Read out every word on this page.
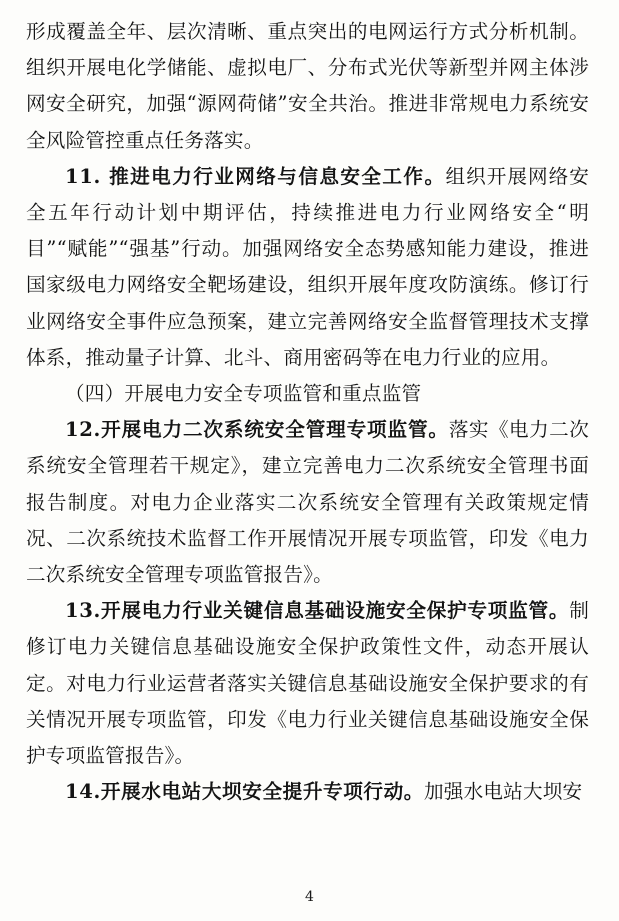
形成覆盖全年、层次清晰、重点突出的电网运行方式分析机制。组织开展电化学储能、虚拟电厂、分布式光伏等新型并网主体涉网安全研究，加强“源网荷储”安全共治。推进非常规电力系统安全风险管控重点任务落实。

11. 推进电力行业网络与信息安全工作。组织开展网络安全五年行动计划中期评估，持续推进电力行业网络安全“明目”“赋能”“强基”行动。加强网络安全态势感知能力建设，推进国家级电力网络安全靶场建设，组织开展年度攻防演练。修订行业网络安全事件应急预案，建立完善网络安全监督管理技术支撑体系，推动量子计算、北斗、商用密码等在电力行业的应用。

（四）开展电力安全专项监管和重点监管

12.开展电力二次系统安全管理专项监管。落实《电力二次系统安全管理若干规定》，建立完善电力二次系统安全管理书面报告制度。对电力企业落实二次系统安全管理有关政策规定情况、二次系统技术监督工作开展情况开展专项监管，印发《电力二次系统安全管理专项监管报告》。

13.开展电力行业关键信息基础设施安全保护专项监管。制修订电力关键信息基础设施安全保护政策性文件，动态开展认定。对电力行业运营者落实关键信息基础设施安全保护要求的有关情况开展专项监管，印发《电力行业关键信息基础设施安全保护专项监管报告》。

14.开展水电站大坝安全提升专项行动。加强水电站大坝安

4
